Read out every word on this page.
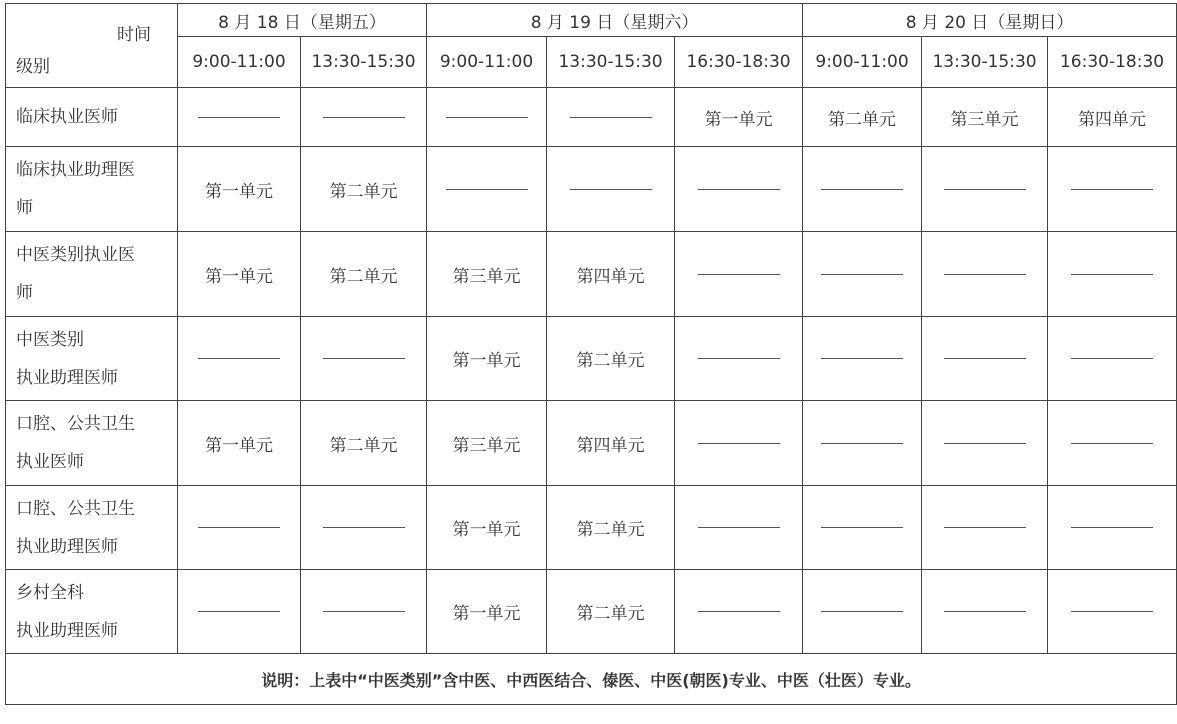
时间
级别	8 月 18 日（星期五）		8 月 19 日（星期六）			8 月 20 日（星期日）		
	9:00-11:00	13:30-15:30	9:00-11:00	13:30-15:30	16:30-18:30	9:00-11:00	13:30-15:30	16:30-18:30

临床执业医师					第一单元	第二单元	第三单元	第四单元

临床执业助理医
师	第一单元	第二单元						

中医类别执业医
师	第一单元	第二单元	第三单元	第四单元				

中医类别
执业助理医师			第一单元	第二单元				

口腔、公共卫生
执业医师	第一单元	第二单元	第三单元	第四单元				

口腔、公共卫生
执业助理医师			第一单元	第二单元				

乡村全科
执业助理医师			第一单元	第二单元				
说明：上表中“中医类别”含中医、中西医结合、傣医、中医(朝医)专业、中医（壮医）专业。								
